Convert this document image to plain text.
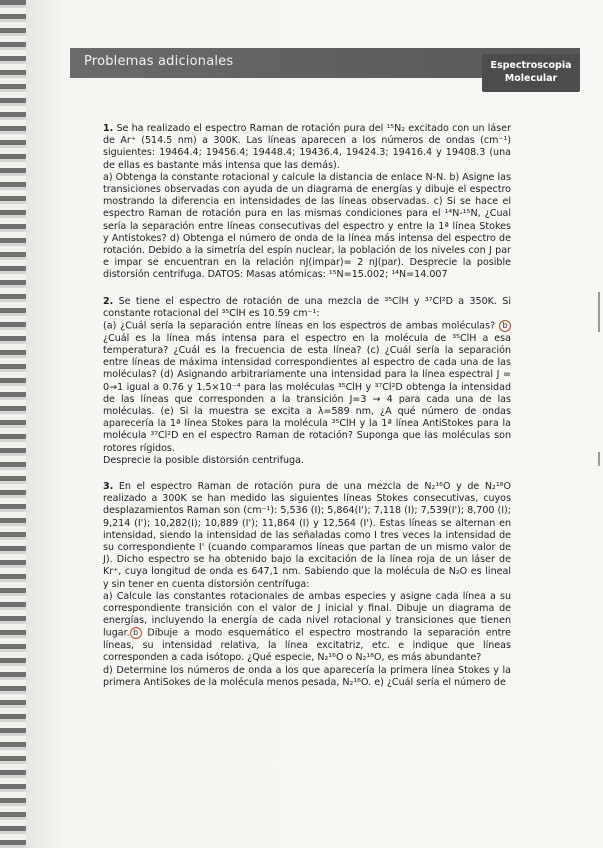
Problemas adicionales	Espectroscopia
Molecular

1. Se ha realizado el espectro Raman de rotación pura del ¹⁵N₂ excitado con un láser de Ar⁺ (514.5 nm) a 300K. Las líneas aparecen a los números de ondas (cm⁻¹) siguientes: 19464.4; 19456.4; 19448.4; 19436.4, 19424.3; 19416.4 y 19408.3 (una de ellas es bastante más intensa que las demás).

a) Obtenga la constante rotacional y calcule la distancia de enlace N-N. b) Asigne las transiciones observadas con ayuda de un diagrama de energías y dibuje el espectro mostrando la diferencia en intensidades de las líneas observadas. c) Si se hace el espectro Raman de rotación pura en las mismas condiciones para el ¹⁴N-¹⁵N, ¿Cual sería la separación entre líneas consecutivas del espectro y entre la 1ª línea Stokes y Antistokes? d) Obtenga el número de onda de la línea más intensa del espectro de rotación. Debido a la simetría del espín nuclear, la población de los niveles con J par e impar se encuentran en la relación nJ(impar)= 2 nJ(par). Desprecie la posible distorsión centrifuga. DATOS: Masas atómicas: ¹⁵N=15.002; ¹⁴N=14.007

2. Se tiene el espectro de rotación de una mezcla de ³⁵ClH y ³⁷Cl²D a 350K. Si constante rotacional del ³⁵ClH es 10.59 cm⁻¹:

(a) ¿Cuál sería la separación entre líneas en los espectros de ambas moléculas? b ¿Cuál es la línea más intensa para el espectro en la molécula de ³⁵ClH a esa temperatura? ¿Cuál es la frecuencia de esta línea? (c) ¿Cuál sería la separación entre líneas de máxima intensidad correspondientes al espectro de cada una de las moléculas? (d) Asignando arbitrariamente una intensidad para la línea espectral J = 0→1 igual a 0.76 y 1.5×10⁻⁴ para las moléculas ³⁵ClH y ³⁷Cl²D obtenga la intensidad de las líneas que corresponden a la transición J=3 → 4 para cada una de las moléculas. (e) Si la muestra se excita a λ=589 nm, ¿A qué número de ondas aparecería la 1ª línea Stokes para la molécula ³⁵ClH y la 1ª línea AntiStokes para la molécula ³⁷Cl²D en el espectro Raman de rotación? Suponga que las moléculas son rotores rígidos.

Desprecie la posible distorsión centrifuga.

3. En el espectro Raman de rotación pura de una mezcla de N₂¹⁶O y de N₂¹⁸O realizado a 300K se han medido las siguientes líneas Stokes consecutivas, cuyos desplazamientos Raman son (cm⁻¹): 5,536 (I); 5,864(I'); 7,118 (I); 7,539(I'); 8,700 (I); 9,214 (I'); 10,282(I); 10,889 (I'); 11,864 (I) y 12,564 (I'). Estas líneas se alternan en intensidad, siendo la intensidad de las señaladas como I tres veces la intensidad de su correspondiente I' (cuando comparamos líneas que partan de un mismo valor de J). Dicho espectro se ha obtenido bajo la excitación de la línea roja de un láser de Kr⁺, cuya longitud de onda es 647,1 nm. Sabiendo que la molécula de N₂O es lineal y sin tener en cuenta distorsión centrífuga:

a) Calcule las constantes rotacionales de ambas especies y asigne cada línea a su correspondiente transición con el valor de J inicial y final. Dibuje un diagrama de energías, incluyendo la energía de cada nivel rotacional y transiciones que tienen lugar. b Dibuje a modo esquemático el espectro mostrando la separación entre líneas, su intensidad relativa, la línea excitatriz, etc. e indique que líneas corresponden a cada isótopo. ¿Qué especie, N₂¹⁶O o N₂¹⁸O, es más abundante?

d) Determine los números de onda a los que aparecería la primera línea Stokes y la primera AntiSokes de la molécula menos pesada, N₂¹⁶O. e) ¿Cuál sería el número de
